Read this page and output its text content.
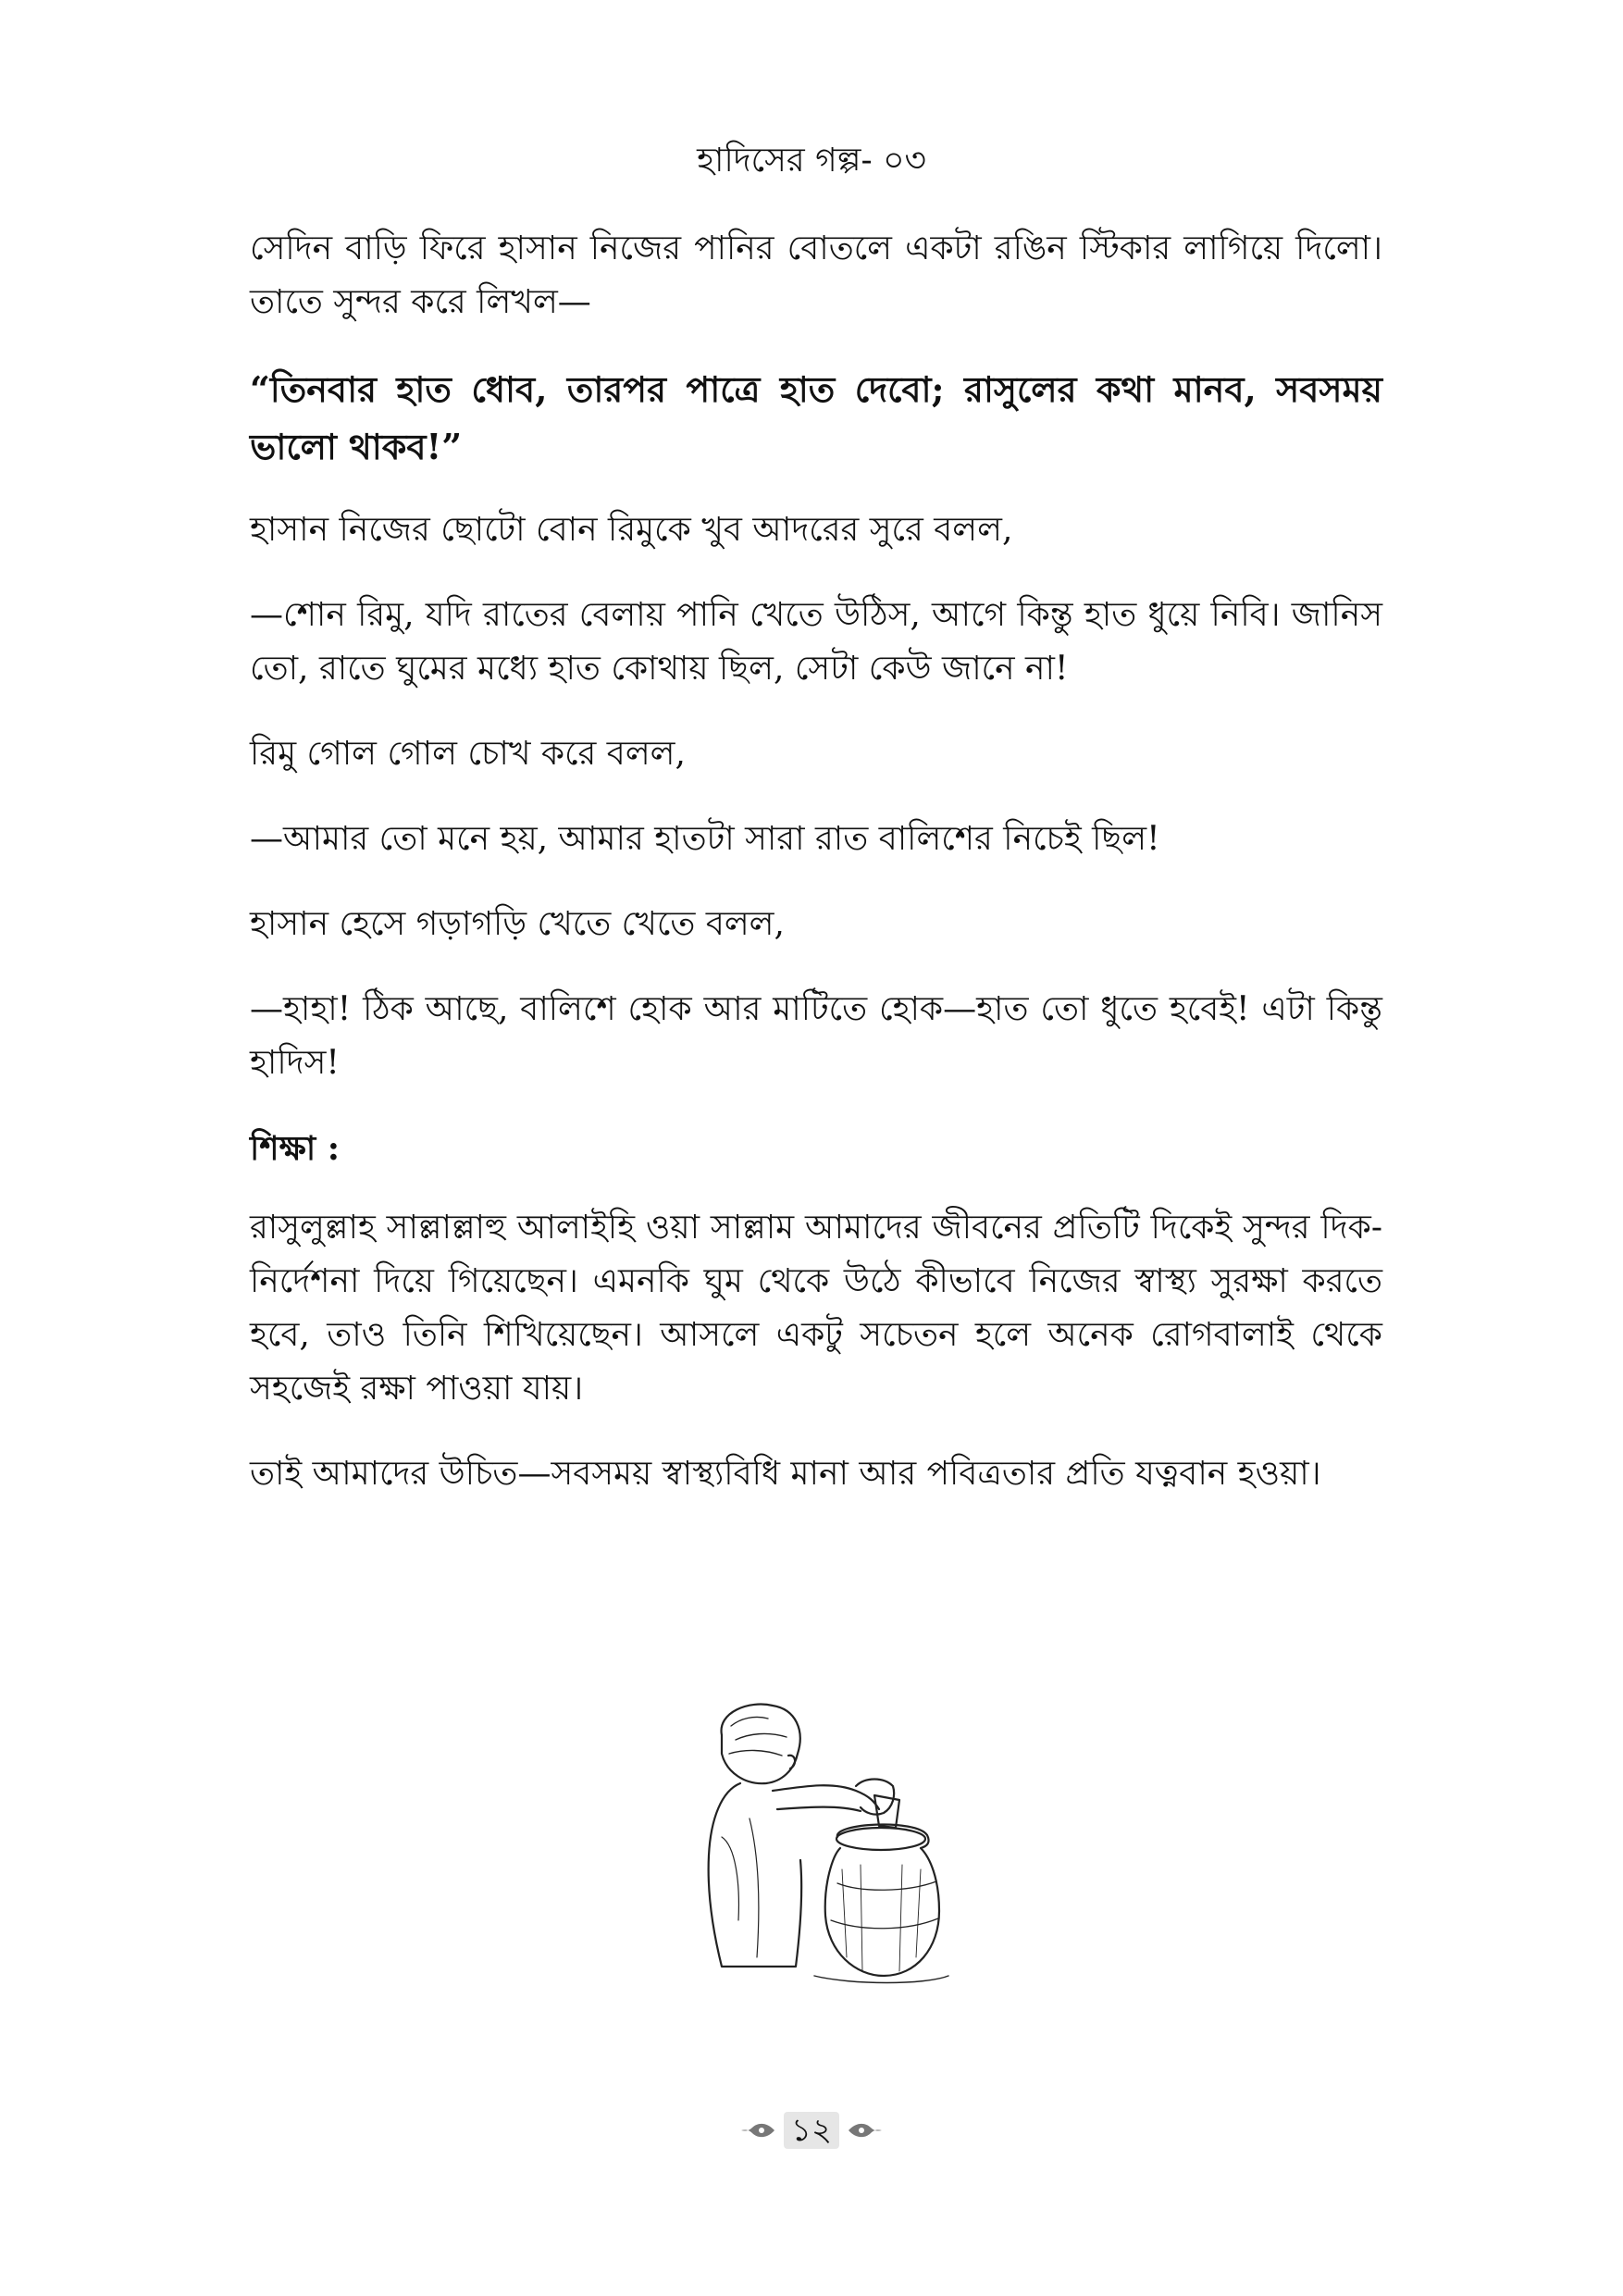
হাদিসের গল্প- ০৩

সেদিন বাড়ি ফিরে হাসান নিজের পানির বোতলে একটা রঙিন স্টিকার লাগিয়ে দিলো। তাতে সুন্দর করে লিখল—

“তিনবার হাত ধোব, তারপর পাত্রে হাত দেবো; রাসুলের কথা মানব, সবসময় ভালো থাকব!”

হাসান নিজের ছোটো বোন রিমুকে খুব আদরের সুরে বলল,

—শোন রিমু, যদি রাতের বেলায় পানি খেতে উঠিস, আগে কিন্তু হাত ধুয়ে নিবি। জানিস তো, রাতে ঘুমের মধ্যে হাত কোথায় ছিল, সেটা কেউ জানে না!

রিমু গোল গোল চোখ করে বলল,

—আমার তো মনে হয়, আমার হাতটা সারা রাত বালিশের নিচেই ছিল!

হাসান হেসে গড়াগড়ি খেতে খেতে বলল,

—হাহা! ঠিক আছে, বালিশে হোক আর মাটিতে হোক—হাত তো ধুতে হবেই! এটা কিন্তু হাদিস!

শিক্ষা :

রাসুলুল্লাহ সাল্লাল্লাহু আলাইহি ওয়া সাল্লাম আমাদের জীবনের প্রতিটি দিকেই সুন্দর দিক-নির্দেশনা দিয়ে গিয়েছেন। এমনকি ঘুম থেকে উঠে কীভাবে নিজের স্বাস্থ্য সুরক্ষা করতে হবে, তাও তিনি শিখিয়েছেন। আসলে একটু সচেতন হলে অনেক রোগবালাই থেকে সহজেই রক্ষা পাওয়া যায়।

তাই আমাদের উচিত—সবসময় স্বাস্থ্যবিধি মানা আর পবিত্রতার প্রতি যত্নবান হওয়া।

১২
